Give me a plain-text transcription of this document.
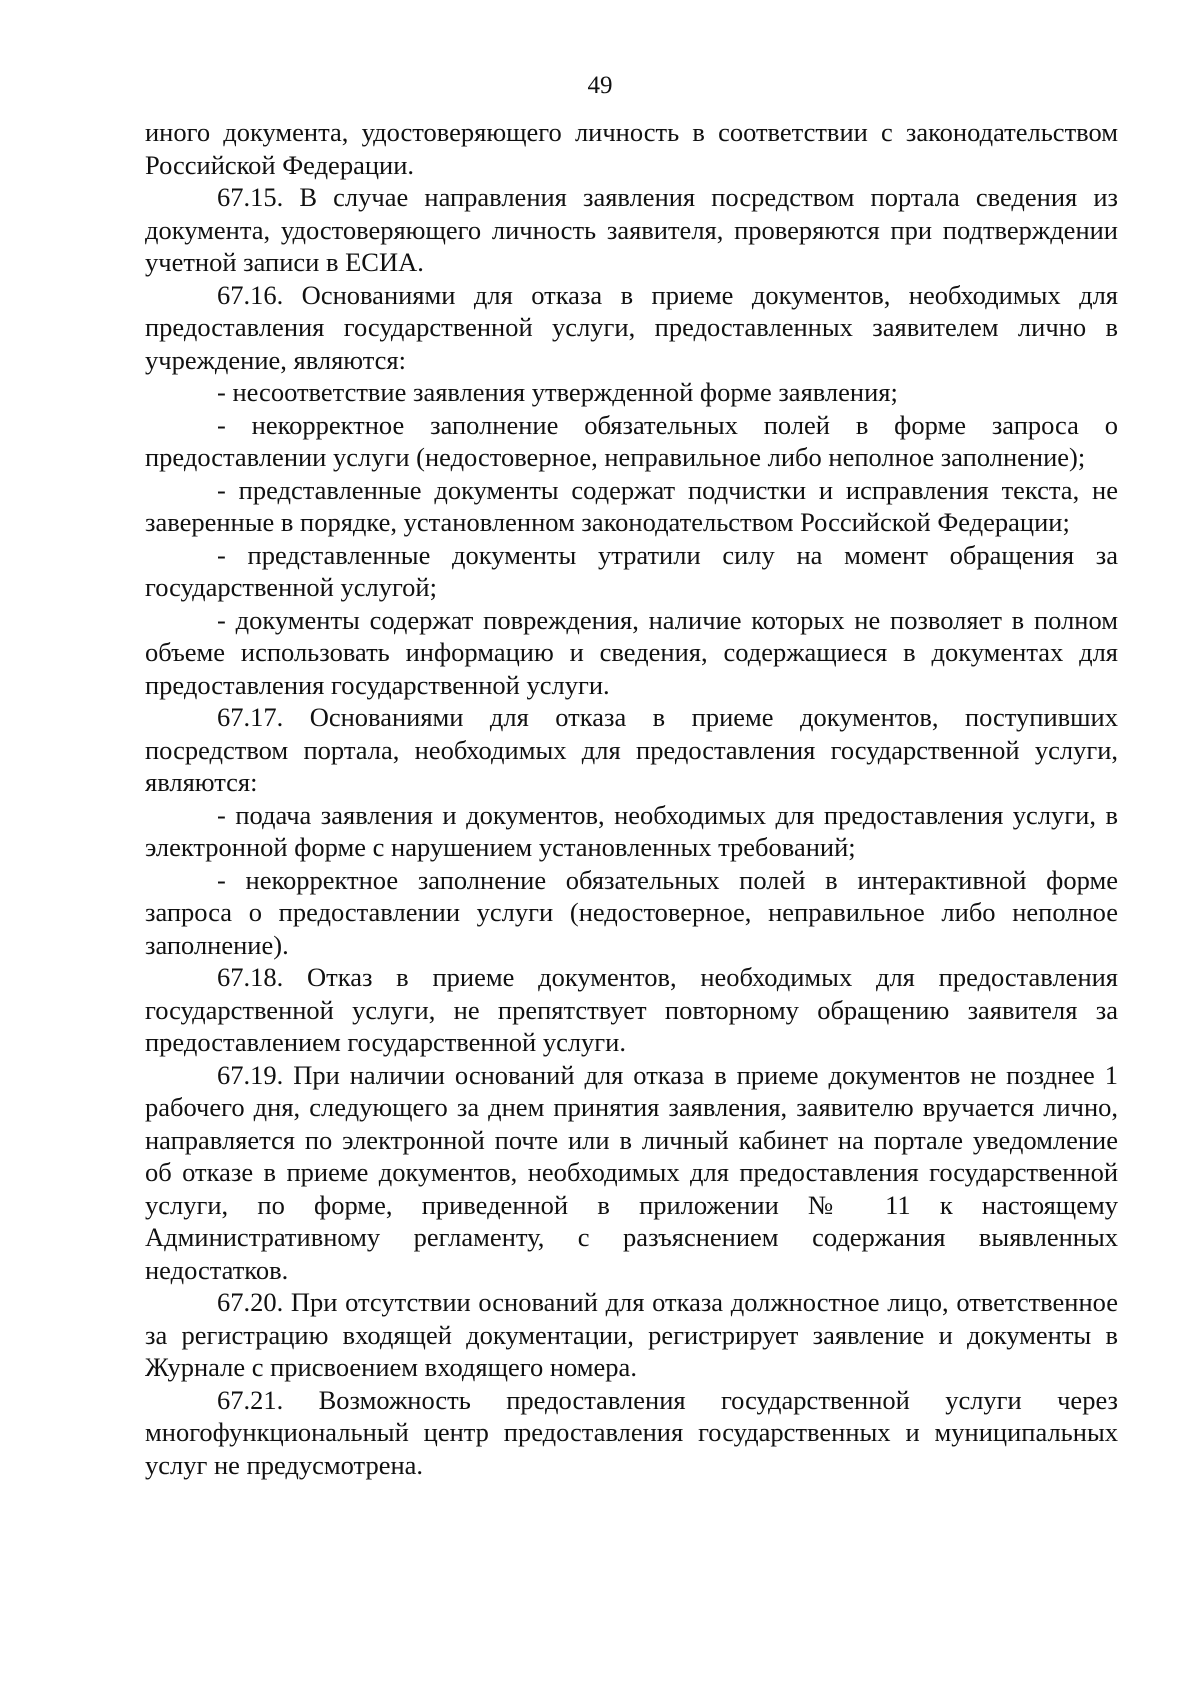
49

иного документа, удостоверяющего личность в соответствии с законодательством Российской Федерации.

67.15. В случае направления заявления посредством портала сведения из документа, удостоверяющего личность заявителя, проверяются при подтверждении учетной записи в ЕСИА.

67.16. Основаниями для отказа в приеме документов, необходимых для предоставления государственной услуги, предоставленных заявителем лично в учреждение, являются:

- несоответствие заявления утвержденной форме заявления;

- некорректное заполнение обязательных полей в форме запроса о предоставлении услуги (недостоверное, неправильное либо неполное заполнение);

- представленные документы содержат подчистки и исправления текста, не заверенные в порядке, установленном законодательством Российской Федерации;

- представленные документы утратили силу на момент обращения за государственной услугой;

- документы содержат повреждения, наличие которых не позволяет в полном объеме использовать информацию и сведения, содержащиеся в документах для предоставления государственной услуги.

67.17. Основаниями для отказа в приеме документов, поступивших посредством портала, необходимых для предоставления государственной услуги, являются:

- подача заявления и документов, необходимых для предоставления услуги, в электронной форме с нарушением установленных требований;

- некорректное заполнение обязательных полей в интерактивной форме запроса о предоставлении услуги (недостоверное, неправильное либо неполное заполнение).

67.18. Отказ в приеме документов, необходимых для предоставления государственной услуги, не препятствует повторному обращению заявителя за предоставлением государственной услуги.

67.19. При наличии оснований для отказа в приеме документов не позднее 1 рабочего дня, следующего за днем принятия заявления, заявителю вручается лично, направляется по электронной почте или в личный кабинет на портале уведомление об отказе в приеме документов, необходимых для предоставления государственной услуги, по форме, приведенной в приложении № 11 к настоящему Административному регламенту, с разъяснением содержания выявленных недостатков.

67.20. При отсутствии оснований для отказа должностное лицо, ответственное за регистрацию входящей документации, регистрирует заявление и документы в Журнале с присвоением входящего номера.

67.21. Возможность предоставления государственной услуги через многофункциональный центр предоставления государственных и муниципальных услуг не предусмотрена.
